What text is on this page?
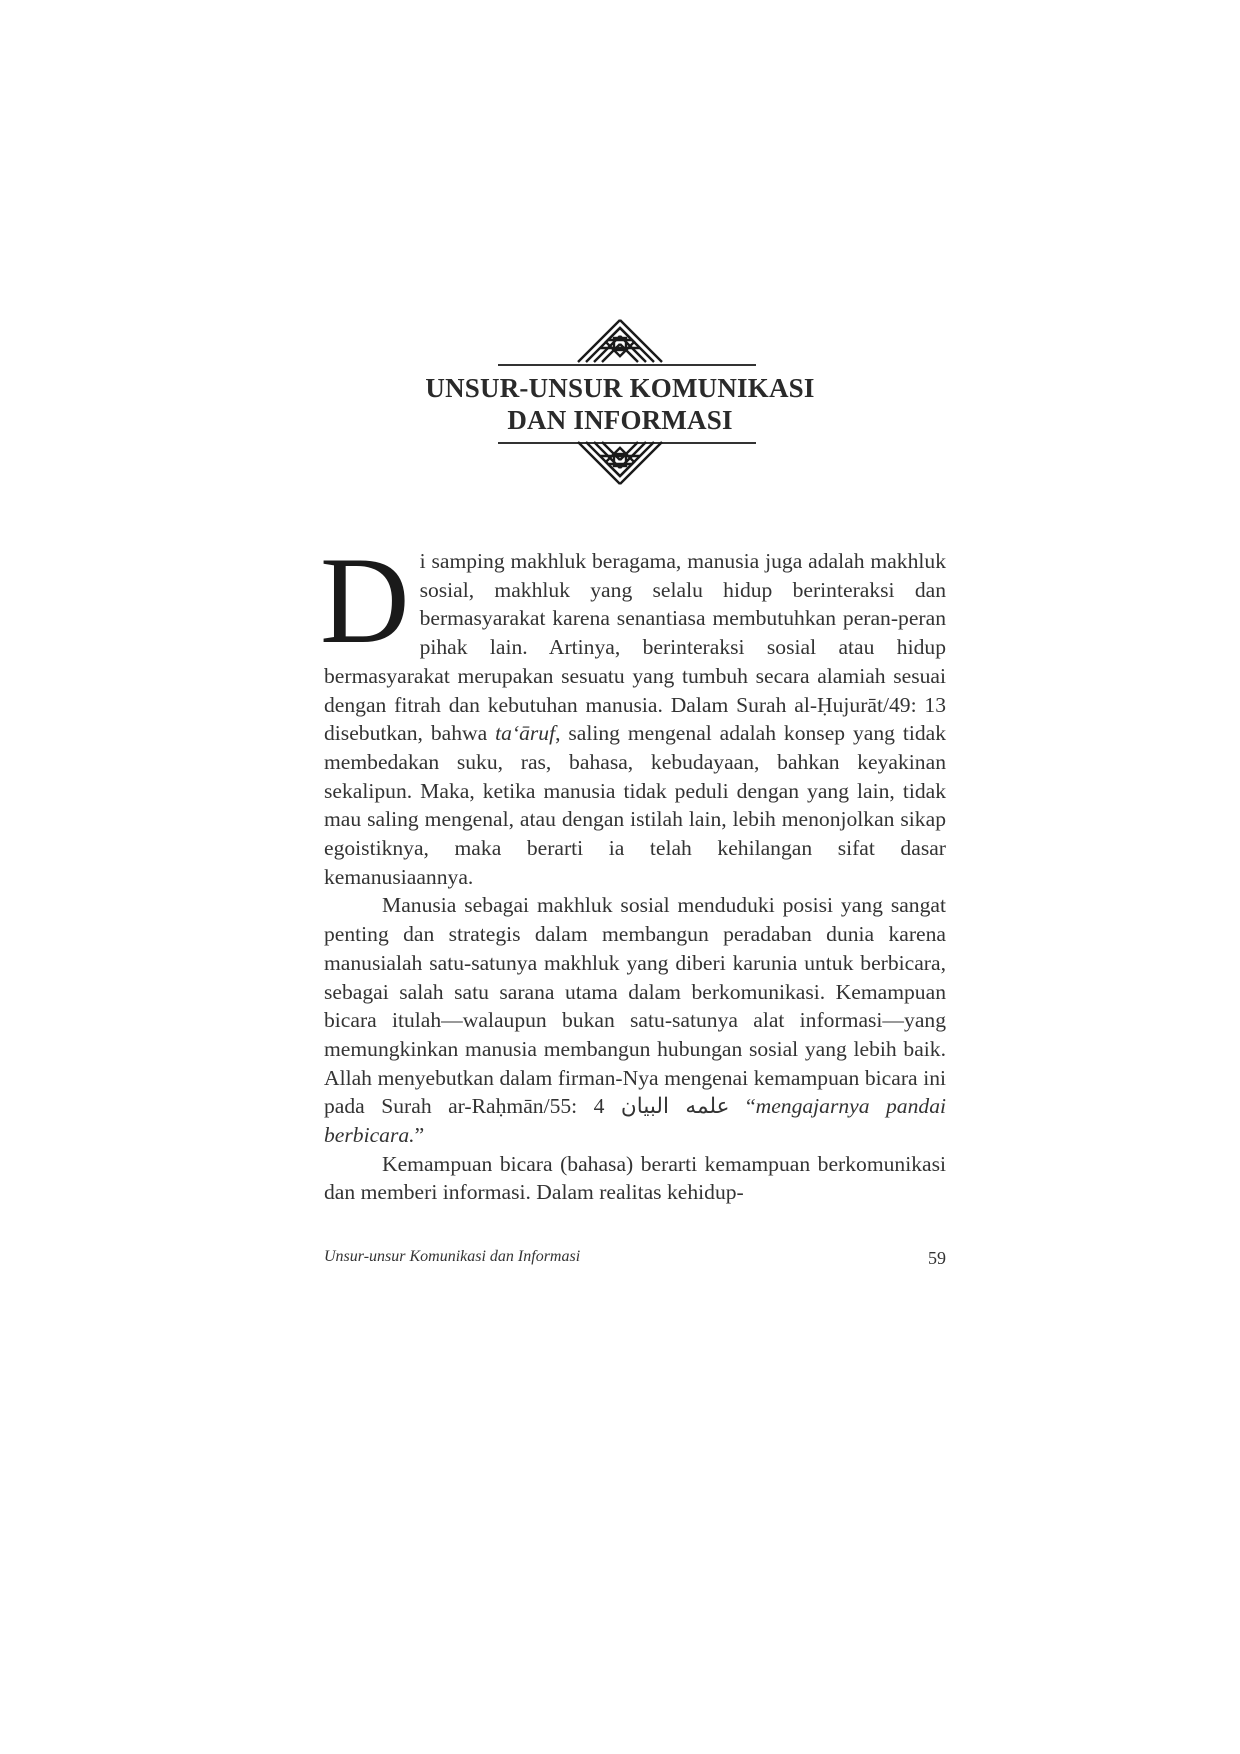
UNSUR-UNSUR KOMUNIKASI
DAN INFORMASI

Di samping makhluk beragama, manusia juga adalah makhluk sosial, makhluk yang selalu hidup berinteraksi dan bermasyarakat karena senantiasa membutuhkan peran-peran pihak lain. Artinya, berinteraksi sosial atau hidup bermasyarakat merupakan sesuatu yang tumbuh secara alamiah sesuai dengan fitrah dan kebutuhan manusia. Dalam Surah al-Ḥujurāt/49: 13 disebutkan, bahwa ta‘āruf, saling mengenal adalah konsep yang tidak membedakan suku, ras, bahasa, kebudayaan, bahkan keyakinan sekalipun. Maka, ketika manusia tidak peduli dengan yang lain, tidak mau saling mengenal, atau dengan istilah lain, lebih menonjolkan sikap egoistiknya, maka berarti ia telah kehilangan sifat dasar kemanusiaannya.

Manusia sebagai makhluk sosial menduduki posisi yang sangat penting dan strategis dalam membangun peradaban dunia karena manusialah satu-satunya makhluk yang diberi karunia untuk berbicara, sebagai salah satu sarana utama dalam berkomunikasi. Kemampuan bicara itulah—walaupun bukan satu-satunya alat informasi—yang memungkinkan manusia membangun hubungan sosial yang lebih baik. Allah menyebutkan dalam firman-Nya mengenai kemampuan bicara ini pada Surah ar-Raḥmān/55: 4 علمه البيان “mengajarnya pandai berbicara.”

Kemampuan bicara (bahasa) berarti kemampuan berkomunikasi dan memberi informasi. Dalam realitas kehidup-

Unsur-unsur Komunikasi dan Informasi	59
